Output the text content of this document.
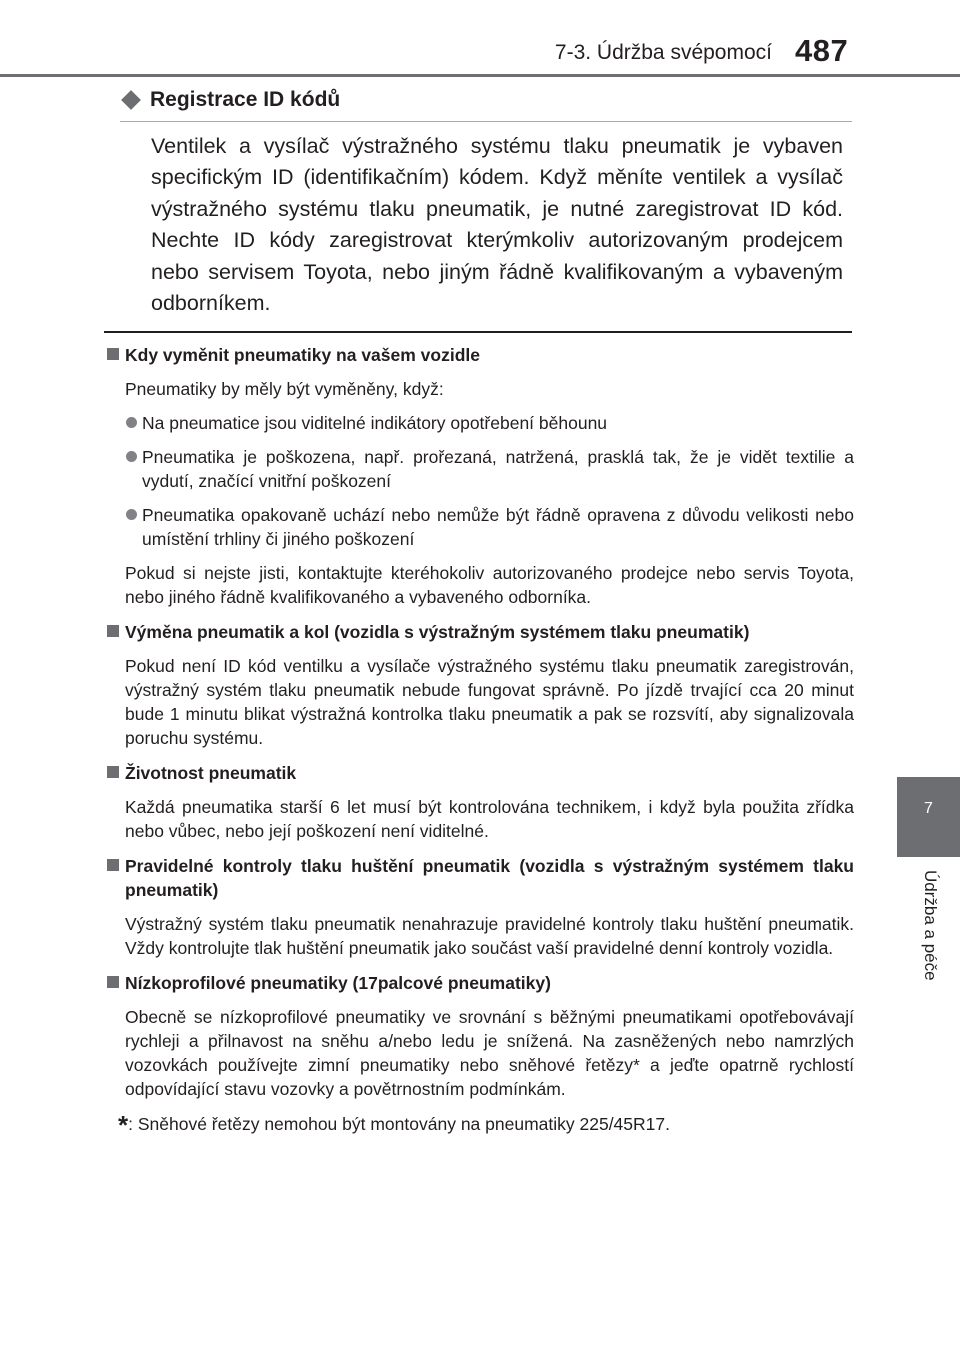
7-3. Údržba svépomocí 487
7
Údržba a péče
Registrace ID kódů

Ventilek a vysílač výstražného systému tlaku pneumatik je vybaven specifickým ID (identifikačním) kódem. Když měníte ventilek a vysílač výstražného systému tlaku pneumatik, je nutné zaregistrovat ID kód. Nechte ID kódy zaregistrovat kterýmkoliv autorizovaným prodejcem nebo servisem Toyota, nebo jiným řádně kvalifikovaným a vybaveným odborníkem.

Kdy vyměnit pneumatiky na vašem vozidle

Pneumatiky by měly být vyměněny, když:

Na pneumatice jsou viditelné indikátory opotřebení běhounu

Pneumatika je poškozena, např. prořezaná, natržená, prasklá tak, že je vidět textilie a vydutí, značící vnitřní poškození

Pneumatika opakovaně uchází nebo nemůže být řádně opravena z důvodu velikosti nebo umístění trhliny či jiného poškození

Pokud si nejste jisti, kontaktujte kteréhokoliv autorizovaného prodejce nebo servis Toyota, nebo jiného řádně kvalifikovaného a vybaveného odborníka.

Výměna pneumatik a kol (vozidla s výstražným systémem tlaku pneumatik)

Pokud není ID kód ventilku a vysílače výstražného systému tlaku pneumatik zaregistrován, výstražný systém tlaku pneumatik nebude fungovat správně. Po jízdě trvající cca 20 minut bude 1 minutu blikat výstražná kontrolka tlaku pneumatik a pak se rozsvítí, aby signalizovala poruchu systému.

Životnost pneumatik

Každá pneumatika starší 6 let musí být kontrolována technikem, i když byla použita zřídka nebo vůbec, nebo její poškození není viditelné.

Pravidelné kontroly tlaku huštění pneumatik (vozidla s výstražným systémem tlaku pneumatik)

Výstražný systém tlaku pneumatik nenahrazuje pravidelné kontroly tlaku huštění pneumatik. Vždy kontrolujte tlak huštění pneumatik jako součást vaší pravidelné denní kontroly vozidla.

Nízkoprofilové pneumatiky (17palcové pneumatiky)

Obecně se nízkoprofilové pneumatiky ve srovnání s běžnými pneumatikami opotřebovávají rychleji a přilnavost na sněhu a/nebo ledu je snížená. Na zasněžených nebo namrzlých vozovkách používejte zimní pneumatiky nebo sněhové řetězy* a jeďte opatrně rychlostí odpovídající stavu vozovky a povětrnostním podmínkám.

*: Sněhové řetězy nemohou být montovány na pneumatiky 225/45R17.
